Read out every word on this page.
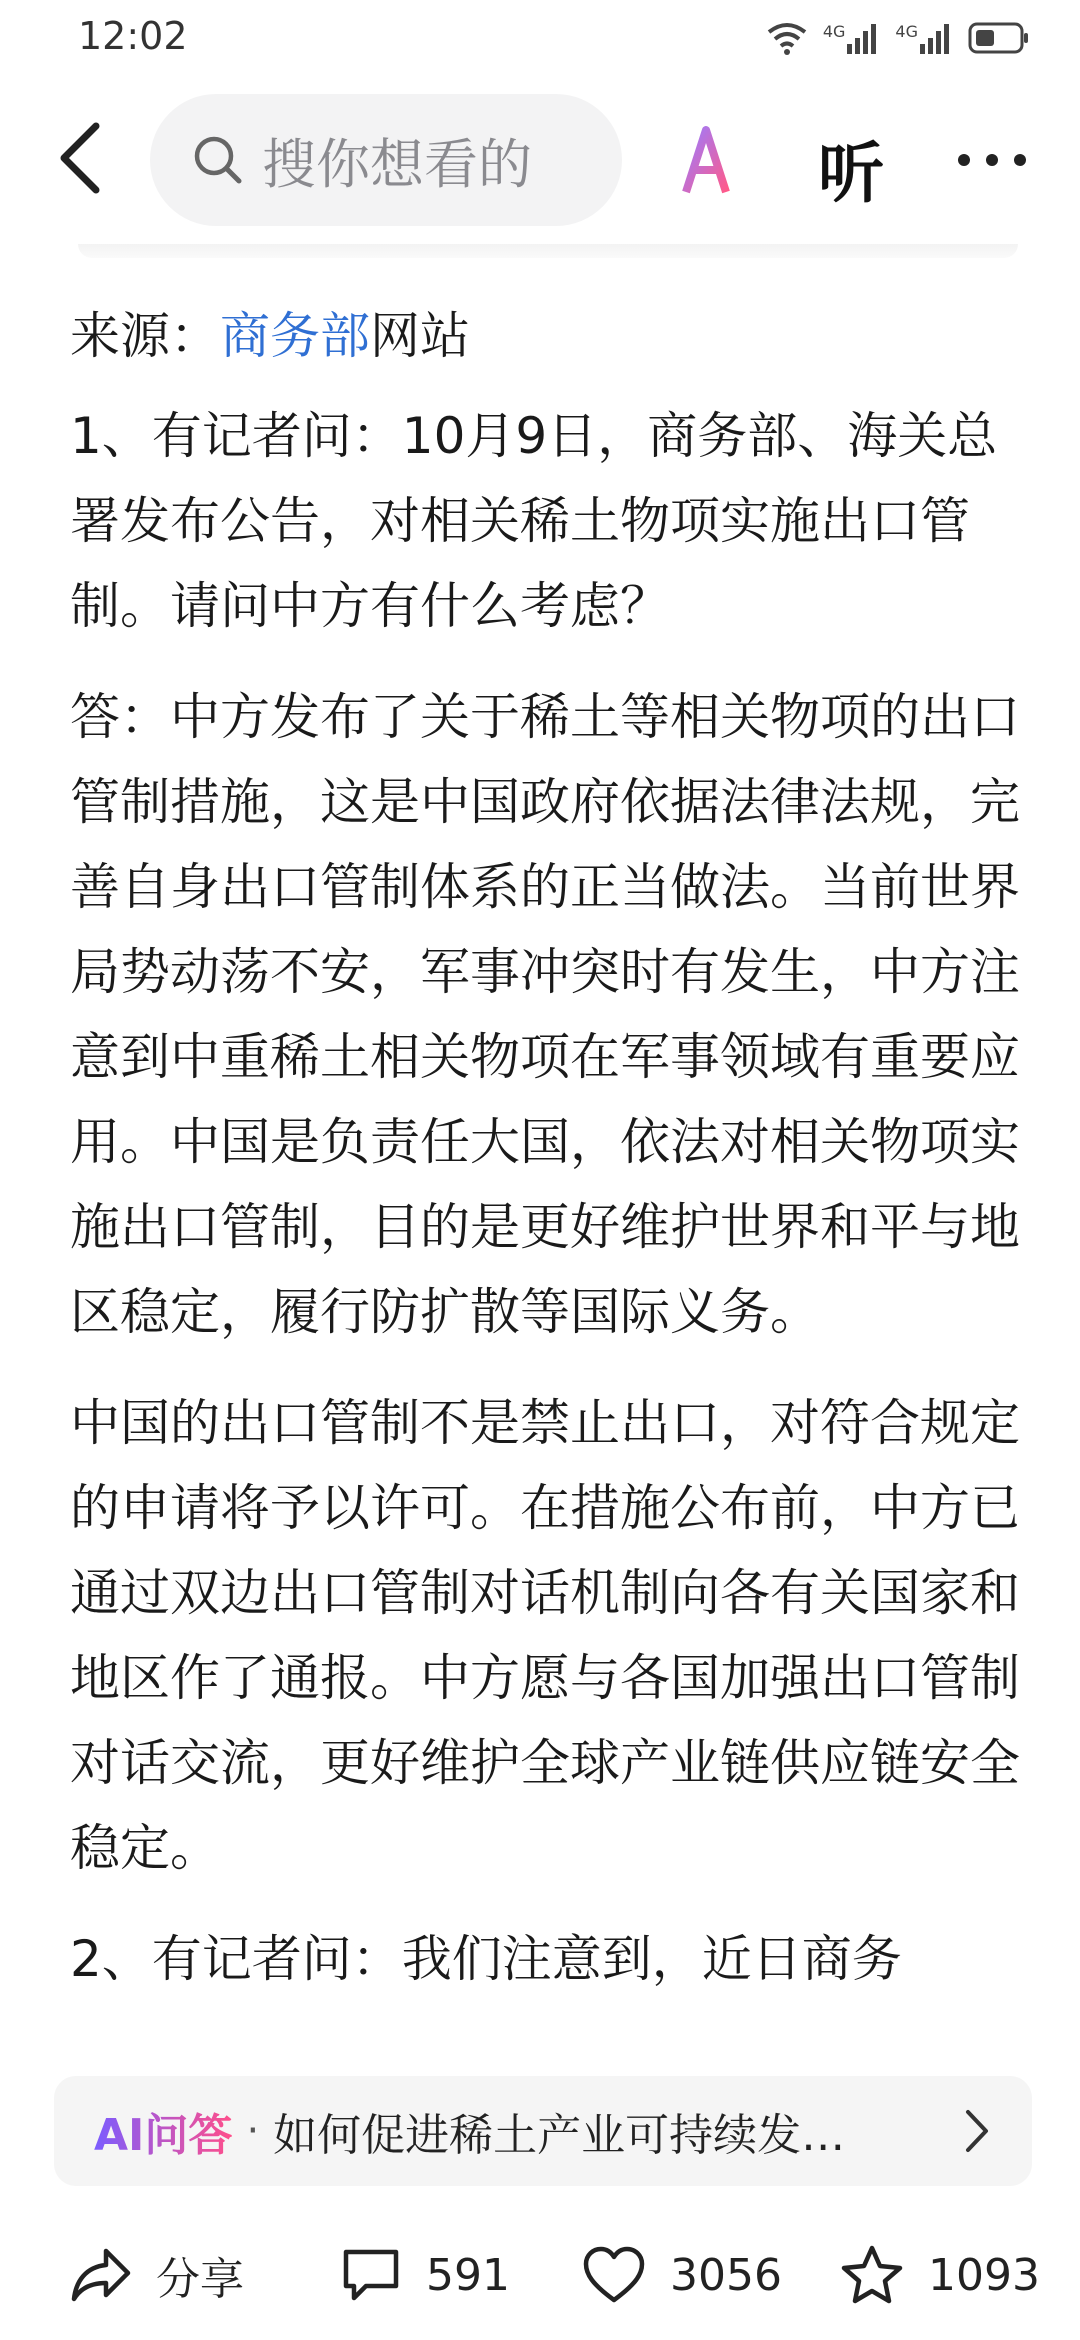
12:02	4G	4G
搜你想看的	听

来源：商务部网站

1、有记者问：10月9日，商务部、海关总署发布公告，对相关稀土物项实施出口管制。请问中方有什么考虑？

答：中方发布了关于稀土等相关物项的出口管制措施，这是中国政府依据法律法规，完善自身出口管制体系的正当做法。当前世界局势动荡不安，军事冲突时有发生，中方注意到中重稀土相关物项在军事领域有重要应用。中国是负责任大国，依法对相关物项实施出口管制，目的是更好维护世界和平与地区稳定，履行防扩散等国际义务。

中国的出口管制不是禁止出口，对符合规定的申请将予以许可。在措施公布前，中方已通过双边出口管制对话机制向各有关国家和地区作了通报。中方愿与各国加强出口管制对话交流，更好维护全球产业链供应链安全稳定。

2、有记者问：我们注意到，近日商务

AI问答 · 如何促进稀土产业可持续发…
分享	591	3056	1093
